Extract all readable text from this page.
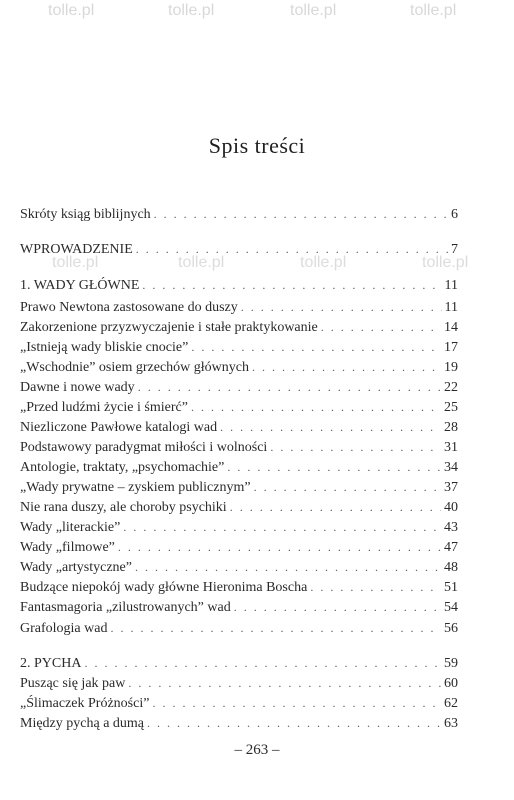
tolle.pl	tolle.pl	tolle.pl	tolle.pl
tolle.pl	tolle.pl	tolle.pl	tolle.pl
Spis treści
Skróty ksiąg biblijnych . . .	6
WPROWADZENIE . . .	7
1. WADY GŁÓWNE . . .	11
Prawo Newtona zastosowane do duszy . . .	11
Zakorzenione przyzwyczajenie i stałe praktykowanie . . .	14
„Istnieją wady bliskie cnocie” . . .	17
„Wschodnie” osiem grzechów głównych . . .	19
Dawne i nowe wady . . .	22
„Przed ludźmi życie i śmierć” . . .	25
Niezliczone Pawłowe katalogi wad . . .	28
Podstawowy paradygmat miłości i wolności . . .	31
Antologie, traktaty, „psychomachie” . . .	34
„Wady prywatne – zyskiem publicznym” . . .	37
Nie rana duszy, ale choroby psychiki . . .	40
Wady „literackie” . . .	43
Wady „filmowe” . . .	47
Wady „artystyczne” . . .	48
Budzące niepokój wady główne Hieronima Boscha . . .	51
Fantasmagoria „zilustrowanych” wad . . .	54
Grafologia wad . . .	56
2. PYCHA . . .	59
Pusząc się jak paw . . .	60
„Ślimaczek Próżności” . . .	62
Między pychą a dumą . . .	63
– 263 –
